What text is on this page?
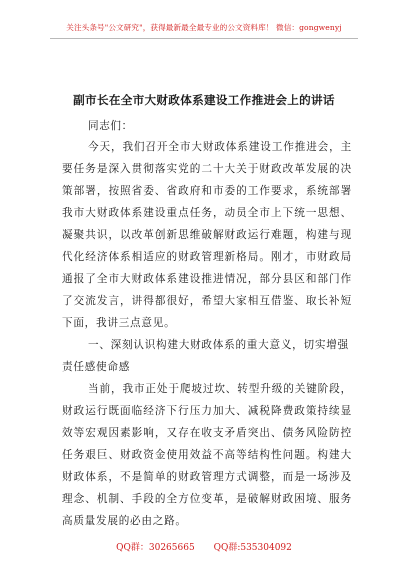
关注头条号"公文研究"，获得最新最全最专业的公文资料库！ 微信：gongwenyj
副市长在全市大财政体系建设工作推进会上的讲话

同志们：

今天，我们召开全市大财政体系建设工作推进会，主要任务是深入贯彻落实党的二十大关于财政改革发展的决策部署，按照省委、省政府和市委的工作要求，系统部署我市大财政体系建设重点任务，动员全市上下统一思想、凝聚共识，以改革创新思维破解财政运行难题，构建与现代化经济体系相适应的财政管理新格局。刚才，市财政局通报了全市大财政体系建设推进情况，部分县区和部门作了交流发言，讲得都很好，希望大家相互借鉴、取长补短下面，我讲三点意见。

一、深刻认识构建大财政体系的重大意义，切实增强责任感使命感

当前，我市正处于爬坡过坎、转型升级的关键阶段，财政运行既面临经济下行压力加大、减税降费政策持续显效等宏观因素影响，又存在收支矛盾突出、债务风险防控任务艰巨、财政资金使用效益不高等结构性问题。构建大财政体系，不是简单的财政管理方式调整，而是一场涉及理念、机制、手段的全方位变革，是破解财政困境、服务高质量发展的必由之路。

QQ群：30265665 QQ群:535304092
